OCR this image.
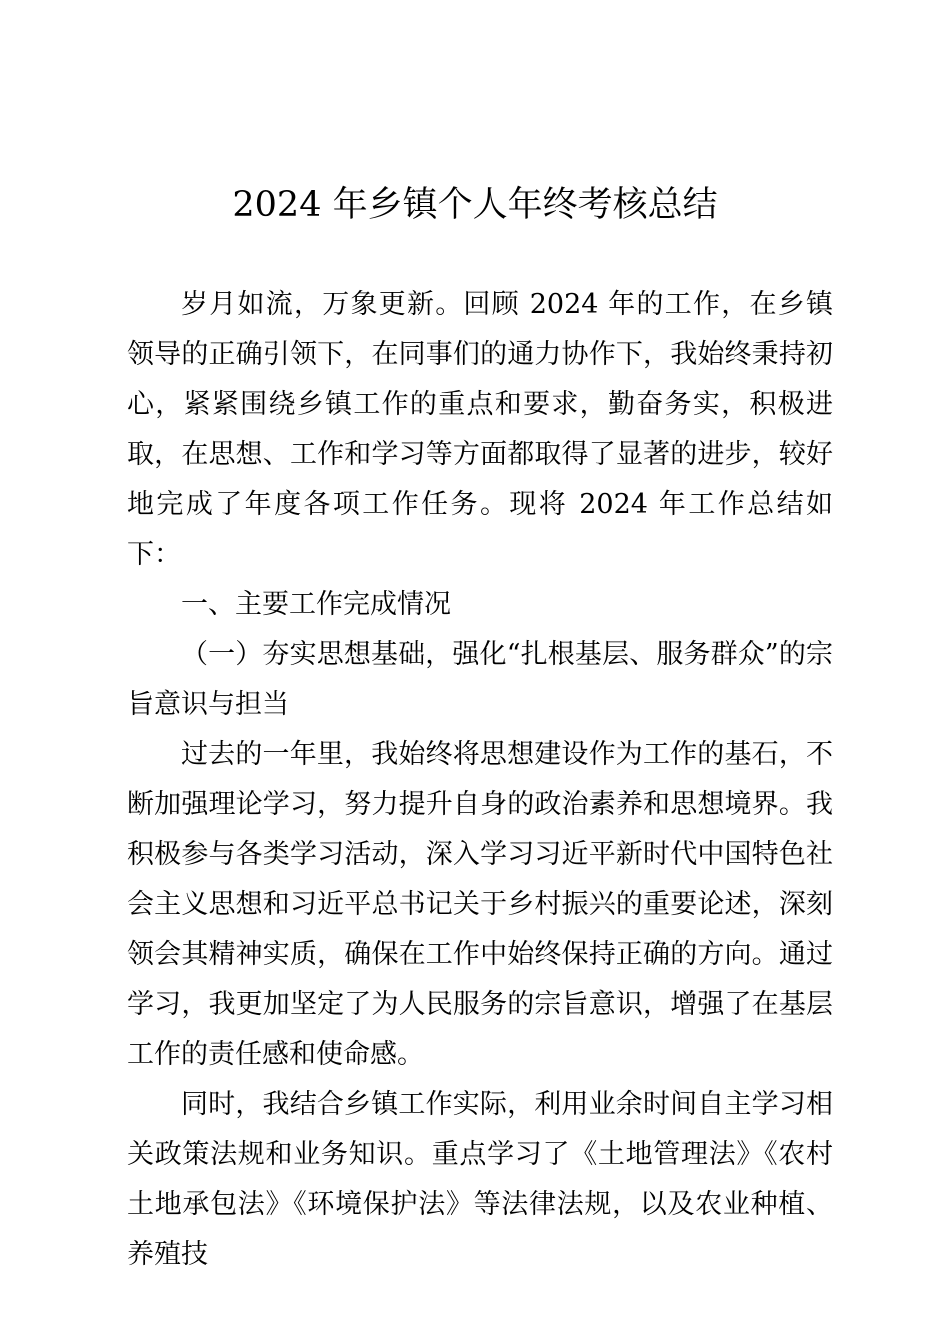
2024 年乡镇个人年终考核总结

岁月如流，万象更新。回顾 2024 年的工作，在乡镇领导的正确引领下，在同事们的通力协作下，我始终秉持初心，紧紧围绕乡镇工作的重点和要求，勤奋务实，积极进取，在思想、工作和学习等方面都取得了显著的进步，较好地完成了年度各项工作任务。现将 2024 年工作总结如下：

一、主要工作完成情况

（一）夯实思想基础，强化“扎根基层、服务群众”的宗旨意识与担当

过去的一年里，我始终将思想建设作为工作的基石，不断加强理论学习，努力提升自身的政治素养和思想境界。我积极参与各类学习活动，深入学习习近平新时代中国特色社会主义思想和习近平总书记关于乡村振兴的重要论述，深刻领会其精神实质，确保在工作中始终保持正确的方向。通过学习，我更加坚定了为人民服务的宗旨意识，增强了在基层工作的责任感和使命感。

同时，我结合乡镇工作实际，利用业余时间自主学习相关政策法规和业务知识。重点学习了《土地管理法》《农村土地承包法》《环境保护法》等法律法规，以及农业种植、养殖技
